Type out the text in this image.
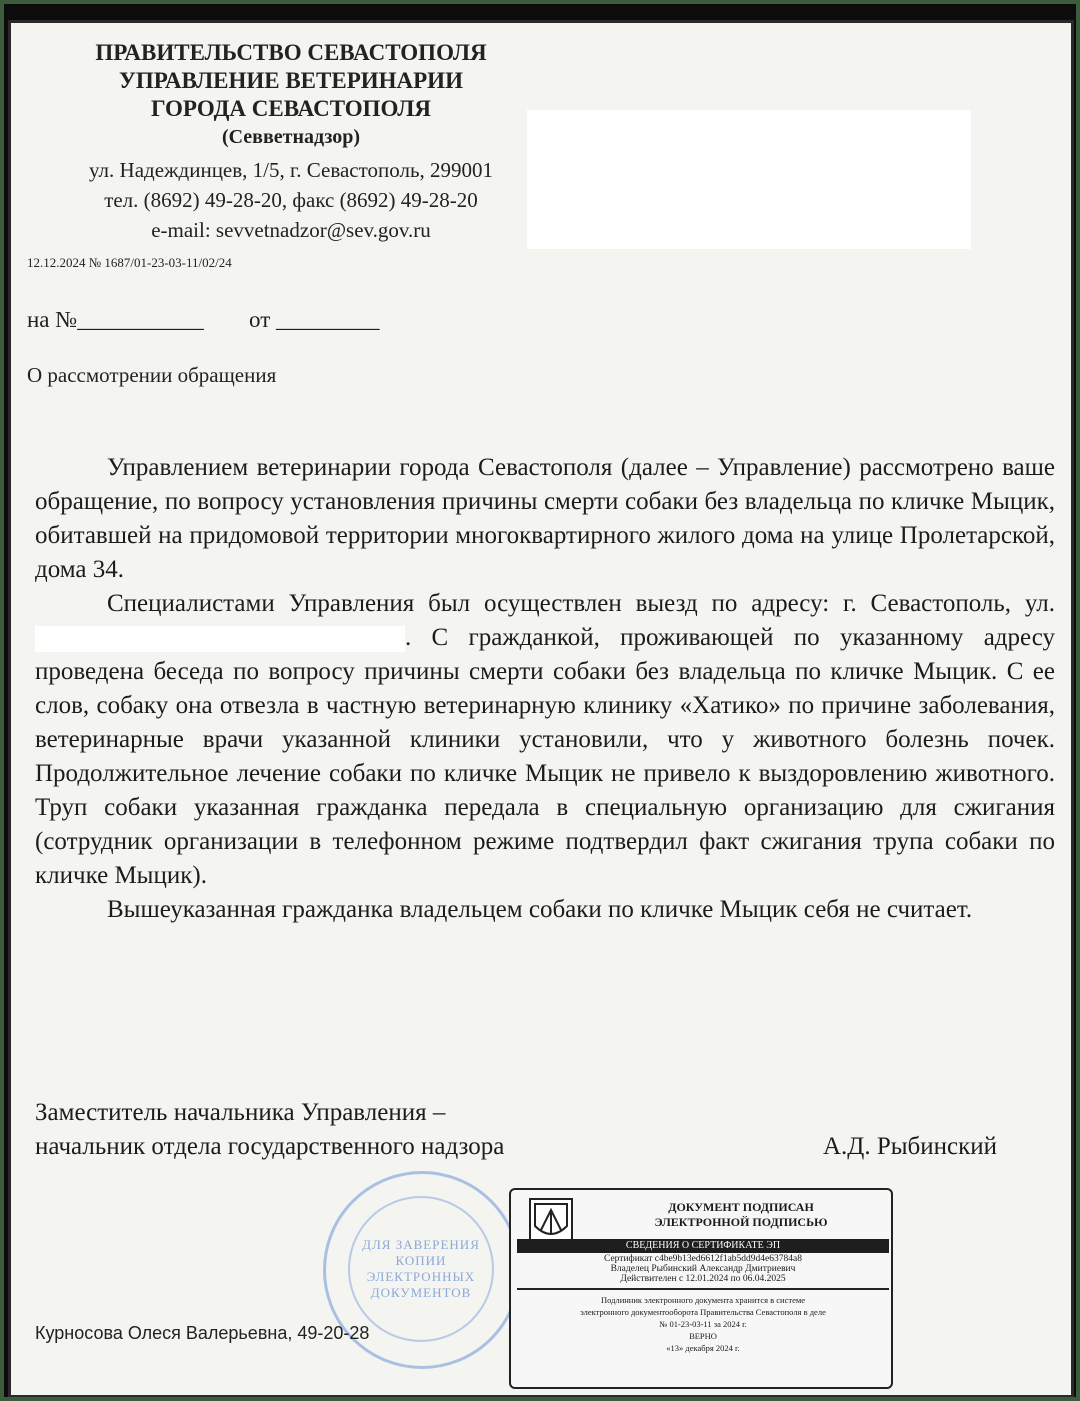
ПРАВИТЕЛЬСТВО СЕВАСТОПОЛЯ
УПРАВЛЕНИЕ ВЕТЕРИНАРИИ
ГОРОДА СЕВАСТОПОЛЯ
(Севветнадзор)
ул. Надеждинцев, 1/5, г. Севастополь, 299001
тел. (8692) 49-28-20, факс (8692) 49-28-20
e-mail: sevvetnadzor@sev.gov.ru
12.12.2024 № 1687/01-23-03-11/02/24
на №___________ от _________
О рассмотрении обращения

Управлением ветеринарии города Севастополя (далее – Управление) рассмотрено ваше обращение, по вопросу установления причины смерти собаки без владельца по кличке Мыцик, обитавшей на придомовой территории многоквартирного жилого дома на улице Пролетарской, дома 34.

Специалистами Управления был осуществлен выезд по адресу: г. Севастополь, ул.. С гражданкой, проживающей по указанному адресу проведена беседа по вопросу причины смерти собаки без владельца по кличке Мыцик. С ее слов, собаку она отвезла в частную ветеринарную клинику «Хатико» по причине заболевания, ветеринарные врачи указанной клиники установили, что у животного болезнь почек. Продолжительное лечение собаки по кличке Мыцик не привело к выздоровлению животного. Труп собаки указанная гражданка передала в специальную организацию для сжигания (сотрудник организации в телефонном режиме подтвердил факт сжигания трупа собаки по кличке Мыцик).

Вышеуказанная гражданка владельцем собаки по кличке Мыцик себя не считает.

Заместитель начальника Управления –
начальник отдела государственного надзора	А.Д. Рыбинский
ДЛЯ ЗАВЕРЕНИЯ
КОПИИ
ЭЛЕКТРОННЫХ
ДОКУМЕНТОВ
Курносова Олеся Валерьевна, 49-20-28
ДОКУМЕНТ ПОДПИСАН
ЭЛЕКТРОННОЙ ПОДПИСЬЮ
СВЕДЕНИЯ О СЕРТИФИКАТЕ ЭП
Сертификат c4be9b13ed6612f1ab5dd9d4e63784a8
Владелец Рыбинский Александр Дмитриевич
Действителен с 12.01.2024 по 06.04.2025
Подлинник электронного документа хранится в системе
электронного документооборота Правительства Севастополя в деле
№ 01-23-03-11 за 2024 г.
ВЕРНО
«13» декабря 2024 г.
